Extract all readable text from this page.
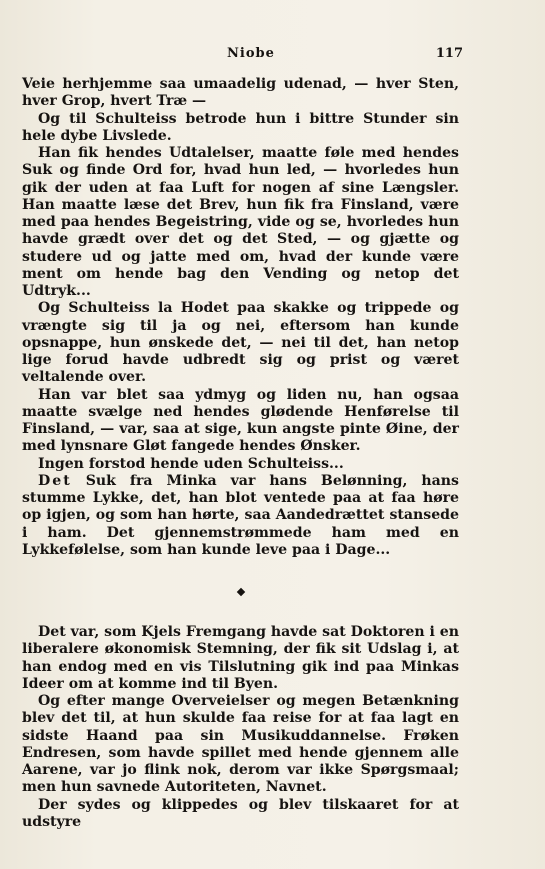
Niobe	117

Veie herhjemme saa umaadelig udenad, — hver Sten, hver Grop, hvert Træ —

Og til Schulteiss betrode hun i bittre Stunder sin hele dybe Livslede.

Han fik hendes Udtalelser, maatte føle med hendes Suk og finde Ord for, hvad hun led, — hvorledes hun gik der uden at faa Luft for nogen af sine Længsler. Han maatte læse det Brev, hun fik fra Finsland, være med paa hendes Begeistring, vide og se, hvorledes hun havde grædt over det og det Sted, — og gjætte og studere ud og jatte med om, hvad der kunde være ment om hende bag den Vending og netop det Udtryk...

Og Schulteiss la Hodet paa skakke og trippede og vrængte sig til ja og nei, eftersom han kunde opsnappe, hun ønskede det, — nei til det, han netop lige forud havde udbredt sig og prist og været veltalende over.

Han var blet saa ydmyg og liden nu, han ogsaa maatte svælge ned hendes glødende Henførelse til Finsland, — var, saa at sige, kun angste pinte Øine, der med lynsnare Gløt fangede hendes Ønsker.

Ingen forstod hende uden Schulteiss...

Det Suk fra Minka var hans Belønning, hans stumme Lykke, det, han blot ventede paa at faa høre op igjen, og som han hørte, saa Aandedrættet stansede i ham. Det gjennemstrømmede ham med en Lykkefølelse, som han kunde leve paa i Dage...

Det var, som Kjels Fremgang havde sat Doktoren i en liberalere økonomisk Stemning, der fik sit Udslag i, at han endog med en vis Tilslutning gik ind paa Minkas Ideer om at komme ind til Byen.

Og efter mange Overveielser og megen Betænkning blev det til, at hun skulde faa reise for at faa lagt en sidste Haand paa sin Musikuddannelse. Frøken Endresen, som havde spillet med hende gjennem alle Aarene, var jo flink nok, derom var ikke Spørgsmaal; men hun savnede Autoriteten, Navnet.

Der sydes og klippedes og blev tilskaaret for at udstyre
